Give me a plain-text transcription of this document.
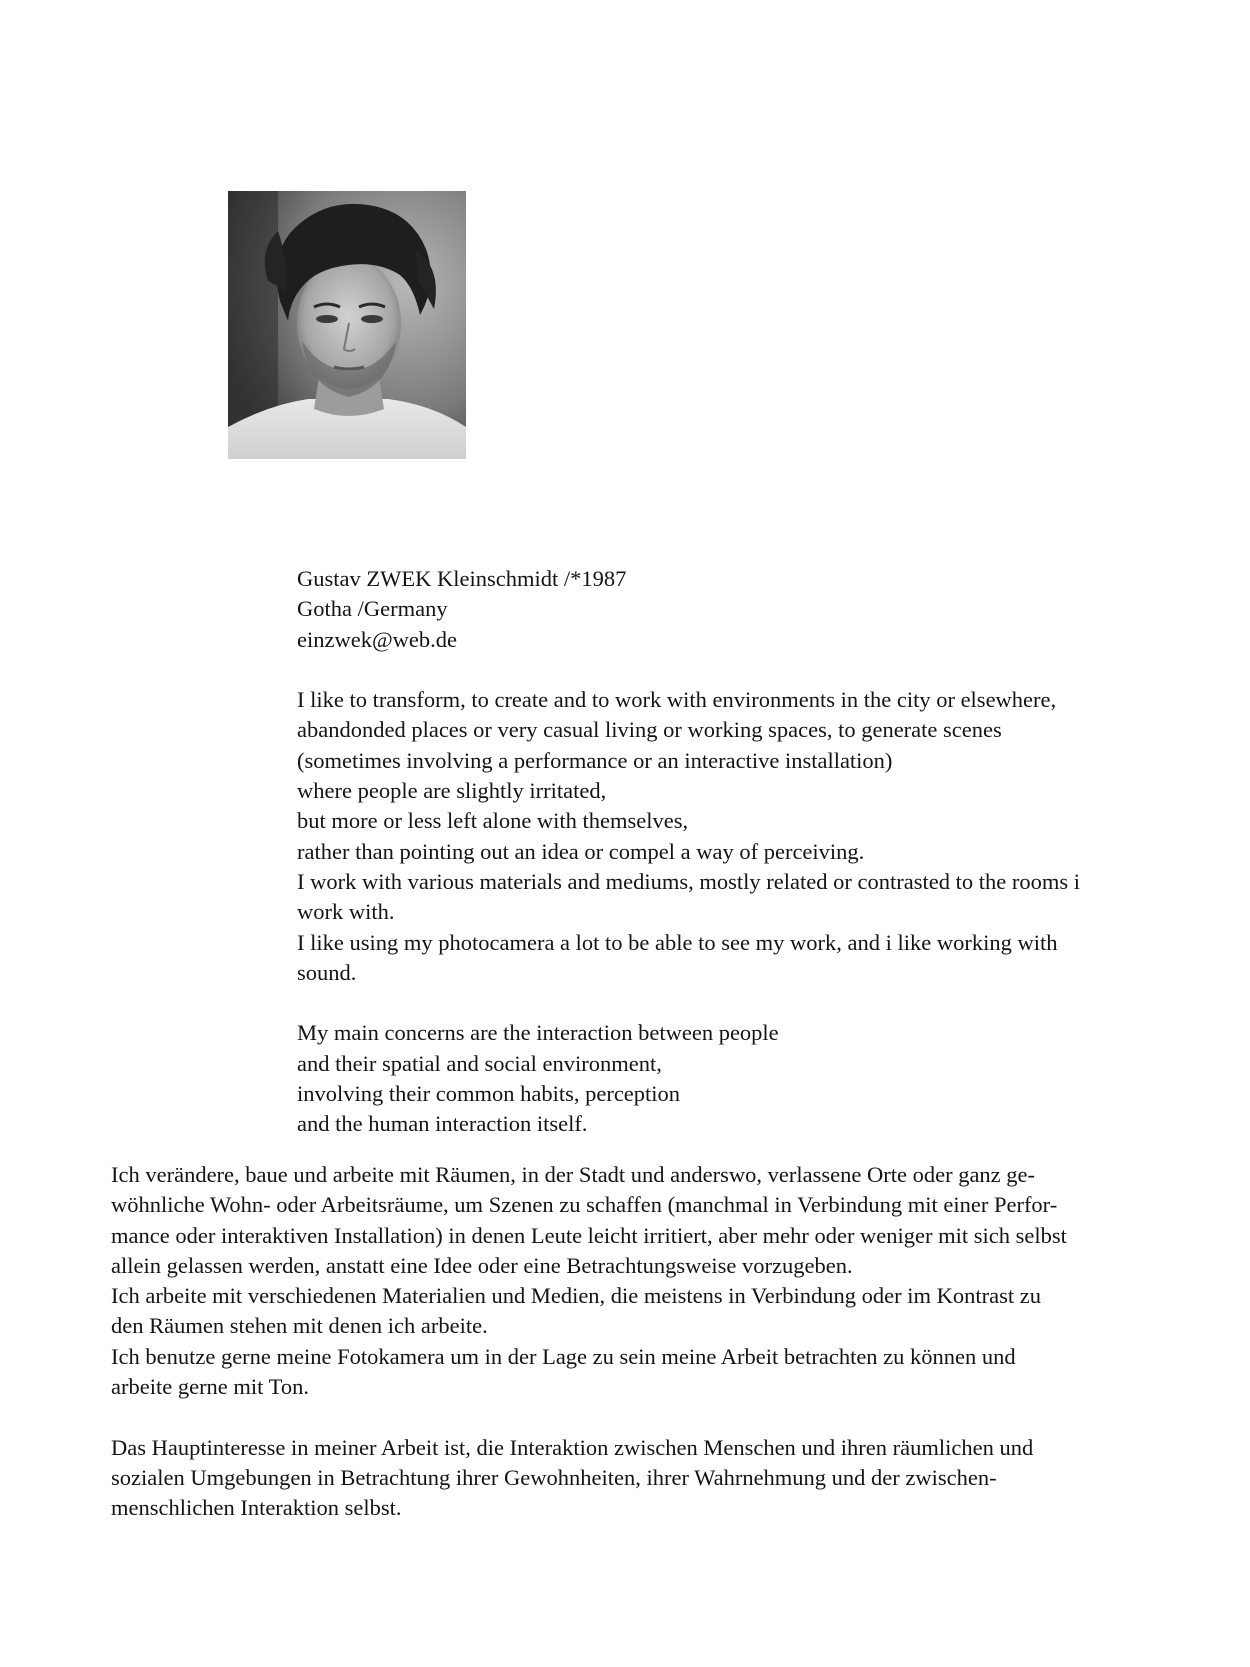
Gustav ZWEK Kleinschmidt /*1987

Gotha /Germany

einzwek@web.de

I like to transform, to create and to work with environments in the city or elsewhere,
abandonded places or very casual living or working spaces, to generate scenes
(sometimes involving a performance or an interactive installation)
where people are slightly irritated,
but more or less left alone with themselves,
rather than pointing out an idea or compel a way of perceiving.
I work with various materials and mediums, mostly related or contrasted to the rooms i
work with.
I like using my photocamera a lot to be able to see my work, and i like working with
sound.

My main concerns are the interaction between people
and their spatial and social environment,
involving their common habits, perception
and the human interaction itself.

Ich verändere, baue und arbeite mit Räumen, in der Stadt und anderswo, verlassene Orte oder ganz ge-
wöhnliche Wohn- oder Arbeitsräume, um Szenen zu schaffen (manchmal in Verbindung mit einer Perfor-
mance oder interaktiven Installation) in denen Leute leicht irritiert, aber mehr oder weniger mit sich selbst
allein gelassen werden, anstatt eine Idee oder eine Betrachtungsweise vorzugeben.
Ich arbeite mit verschiedenen Materialien und Medien, die meistens in Verbindung oder im Kontrast zu
den Räumen stehen mit denen ich arbeite.
Ich benutze gerne meine Fotokamera um in der Lage zu sein meine Arbeit betrachten zu können und
arbeite gerne mit Ton.

Das Hauptinteresse in meiner Arbeit ist, die Interaktion zwischen Menschen und ihren räumlichen und
sozialen Umgebungen in Betrachtung ihrer Gewohnheiten, ihrer Wahrnehmung und der zwischen-
menschlichen Interaktion selbst.
